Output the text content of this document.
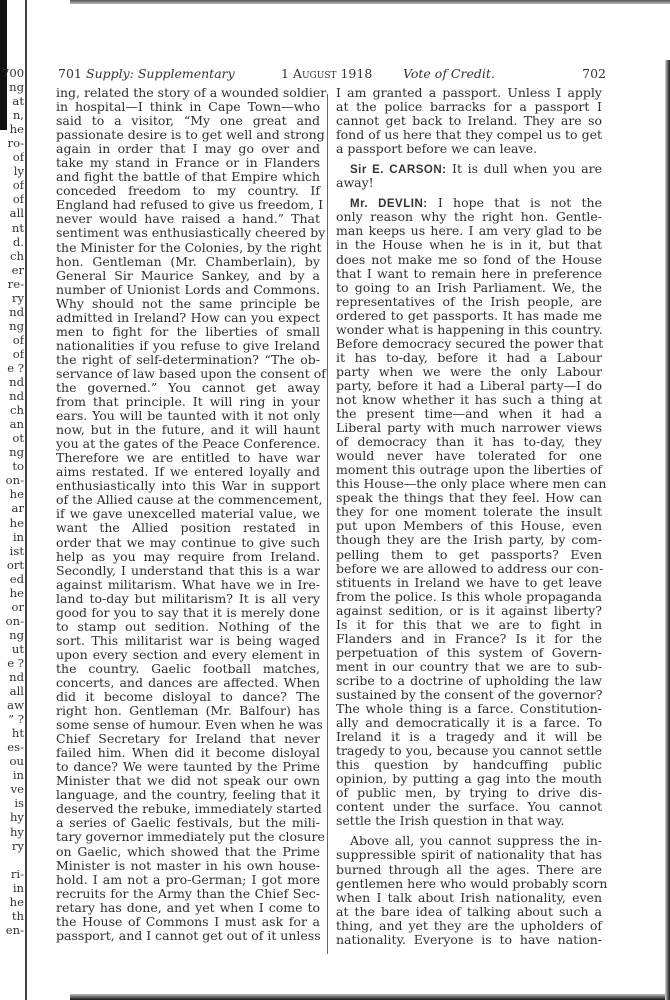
700
ng
at
n,
he
ro-
of
ly
of
of
all
nt
d.
ch
er
re-
ry
nd
ng
of
of
e ?
nd
nd
ch
an
ot
ng
to
on-
he
ar
he
in
ist
ort
ed
he
or
on-
ng
ut
e ?
nd
all
aw
” ?
ht
es-
ou
in
ve
is
hy
hy
ry
ri-
in
he
th
en-
701 Supply: Supplementary	1 August 1918 Vote of Credit.	702
ing, related the story of a wounded soldier
in hospital—I think in Cape Town—who
said to a visitor, “My one great and
passionate desire is to get well and strong
again in order that I may go over and
take my stand in France or in Flanders
and fight the battle of that Empire which
conceded freedom to my country. If
England had refused to give us freedom, I
never would have raised a hand.” That
sentiment was enthusiastically cheered by
the Minister for the Colonies, by the right
hon. Gentleman (Mr. Chamberlain), by
General Sir Maurice Sankey, and by a
number of Unionist Lords and Commons.
Why should not the same principle be
admitted in Ireland? How can you expect
men to fight for the liberties of small
nationalities if you refuse to give Ireland
the right of self-determination? “The ob-
servance of law based upon the consent of
the governed.” You cannot get away
from that principle. It will ring in your
ears. You will be taunted with it not only
now, but in the future, and it will haunt
you at the gates of the Peace Conference.
Therefore we are entitled to have war
aims restated. If we entered loyally and
enthusiastically into this War in support
of the Allied cause at the commencement,
if we gave unexcelled material value, we
want the Allied position restated in
order that we may continue to give such
help as you may require from Ireland.
Secondly, I understand that this is a war
against militarism. What have we in Ire-
land to-day but militarism? It is all very
good for you to say that it is merely done
to stamp out sedition. Nothing of the
sort. This militarist war is being waged
upon every section and every element in
the country. Gaelic football matches,
concerts, and dances are affected. When
did it become disloyal to dance? The
right hon. Gentleman (Mr. Balfour) has
some sense of humour. Even when he was
Chief Secretary for Ireland that never
failed him. When did it become disloyal
to dance? We were taunted by the Prime
Minister that we did not speak our own
language, and the country, feeling that it
deserved the rebuke, immediately started
a series of Gaelic festivals, but the mili-
tary governor immediately put the closure
on Gaelic, which showed that the Prime
Minister is not master in his own house-
hold. I am not a pro-German; I got more
recruits for the Army than the Chief Sec-
retary has done, and yet when I come to
the House of Commons I must ask for a
passport, and I cannot get out of it unless
I am granted a passport. Unless I apply
at the police barracks for a passport I
cannot get back to Ireland. They are so
fond of us here that they compel us to get
a passport before we can leave.
Sir E. CARSON: It is dull when you are
away!
Mr. DEVLIN: I hope that is not the
only reason why the right hon. Gentle-
man keeps us here. I am very glad to be
in the House when he is in it, but that
does not make me so fond of the House
that I want to remain here in preference
to going to an Irish Parliament. We, the
representatives of the Irish people, are
ordered to get passports. It has made me
wonder what is happening in this country.
Before democracy secured the power that
it has to-day, before it had a Labour
party when we were the only Labour
party, before it had a Liberal party—I do
not know whether it has such a thing at
the present time—and when it had a
Liberal party with much narrower views
of democracy than it has to-day, they
would never have tolerated for one
moment this outrage upon the liberties of
this House—the only place where men can
speak the things that they feel. How can
they for one moment tolerate the insult
put upon Members of this House, even
though they are the Irish party, by com-
pelling them to get passports? Even
before we are allowed to address our con-
stituents in Ireland we have to get leave
from the police. Is this whole propaganda
against sedition, or is it against liberty?
Is it for this that we are to fight in
Flanders and in France? Is it for the
perpetuation of this system of Govern-
ment in our country that we are to sub-
scribe to a doctrine of upholding the law
sustained by the consent of the governor?
The whole thing is a farce. Constitution-
ally and democratically it is a farce. To
Ireland it is a tragedy and it will be
tragedy to you, because you cannot settle
this question by handcuffing public
opinion, by putting a gag into the mouth
of public men, by trying to drive dis-
content under the surface. You cannot
settle the Irish question in that way.
Above all, you cannot suppress the in-
suppressible spirit of nationality that has
burned through all the ages. There are
gentlemen here who would probably scorn
when I talk about Irish nationality, even
at the bare idea of talking about such a
thing, and yet they are the upholders of
nationality. Everyone is to have nation-
